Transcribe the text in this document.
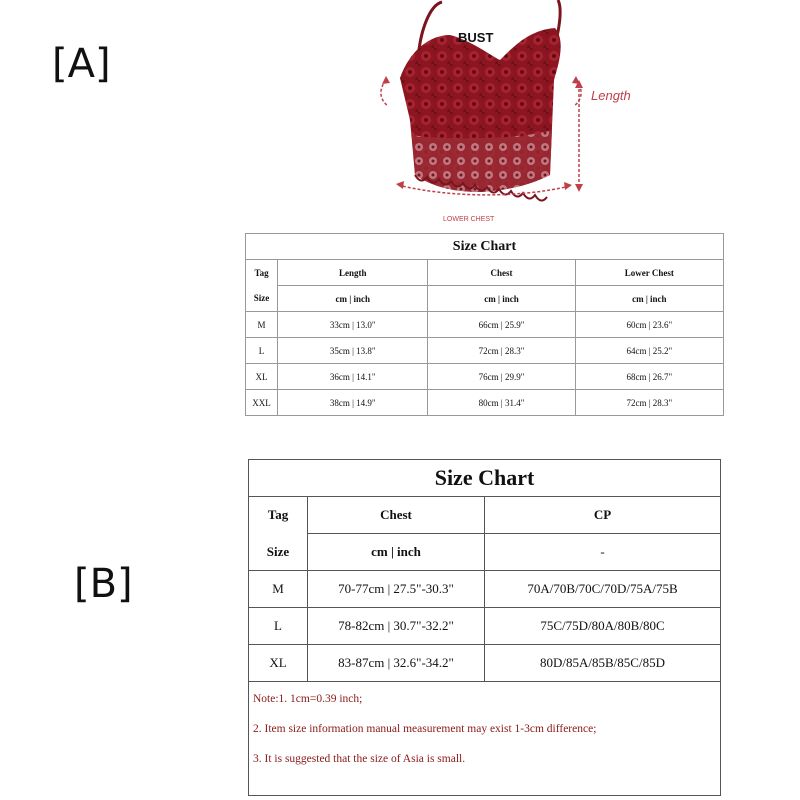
[A]
[B]
BUST
Length
LOWER CHEST
Size Chart			

Tag	Length	Chest	Lower Chest

Size	cm | inch	cm | inch	cm | inch
M	33cm | 13.0"	66cm | 25.9"	60cm | 23.6"
L	35cm | 13.8"	72cm | 28.3"	64cm | 25.2"
XL	36cm | 14.1"	76cm | 29.9"	68cm | 26.7"
XXL	38cm | 14.9"	80cm | 31.4"	72cm | 28.3"
Size Chart		

Tag	Chest	CP

Size	cm | inch	-
M	70-77cm | 27.5"-30.3"	70A/70B/70C/70D/75A/75B
L	78-82cm | 30.7"-32.2"	75C/75D/80A/80B/80C
XL	83-87cm | 32.6"-34.2"	80D/85A/85B/85C/85D

Note:1. 1cm=0.39 inch;
2. Item size information manual measurement may exist 1-3cm difference;
3. It is suggested that the size of Asia is small.		
